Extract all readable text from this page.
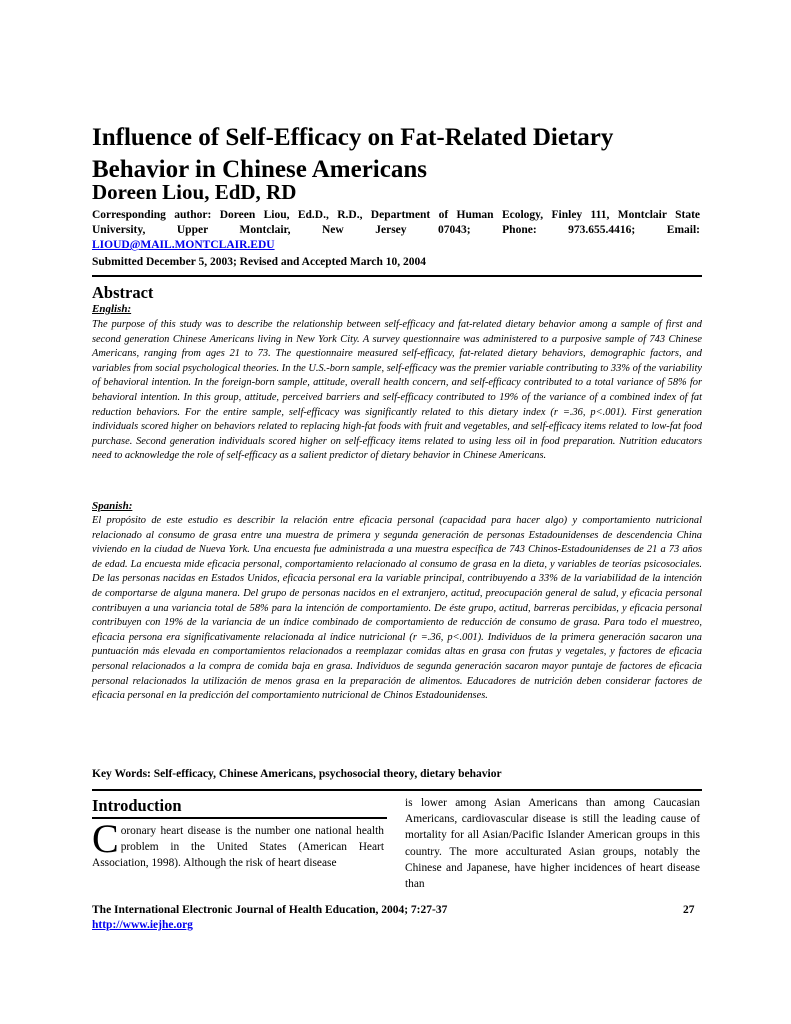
Influence of Self-Efficacy on Fat-Related Dietary Behavior in Chinese Americans
Doreen Liou, EdD, RD
Corresponding author: Doreen Liou, Ed.D., R.D., Department of Human Ecology, Finley 111, Montclair State
University, Upper Montclair, New Jersey 07043; Phone: 973.655.4416; Email:
LIOUD@MAIL.MONTCLAIR.EDU
Submitted December 5, 2003; Revised and Accepted March 10, 2004
Abstract
English:

The purpose of this study was to describe the relationship between self-efficacy and fat-related dietary behavior among a sample of first and second generation Chinese Americans living in New York City. A survey questionnaire was administered to a purposive sample of 743 Chinese Americans, ranging from ages 21 to 73. The questionnaire measured self-efficacy, fat-related dietary behaviors, demographic factors, and variables from social psychological theories. In the U.S.-born sample, self-efficacy was the premier variable contributing to 33% of the variability of behavioral intention. In the foreign-born sample, attitude, overall health concern, and self-efficacy contributed to a total variance of 58% for behavioral intention. In this group, attitude, perceived barriers and self-efficacy contributed to 19% of the variance of a combined index of fat reduction behaviors. For the entire sample, self-efficacy was significantly related to this dietary index (r =.36, p<.001). First generation individuals scored higher on behaviors related to replacing high-fat foods with fruit and vegetables, and self-efficacy items related to low-fat food purchase. Second generation individuals scored higher on self-efficacy items related to using less oil in food preparation. Nutrition educators need to acknowledge the role of self-efficacy as a salient predictor of dietary behavior in Chinese Americans.

Spanish:

El propósito de este estudio es describir la relación entre eficacia personal (capacidad para hacer algo) y comportamiento nutricional relacionado al consumo de grasa entre una muestra de primera y segunda generación de personas Estadounidenses de descendencia China viviendo en la ciudad de Nueva York. Una encuesta fue administrada a una muestra específica de 743 Chinos-Estadounidenses de 21 a 73 años de edad. La encuesta mide eficacia personal, comportamiento relacionado al consumo de grasa en la dieta, y variables de teorías psicosociales. De las personas nacidas en Estados Unidos, eficacia personal era la variable principal, contribuyendo a 33% de la variabilidad de la intención de comportarse de alguna manera. Del grupo de personas nacidos en el extranjero, actitud, preocupación general de salud, y eficacia personal contribuyen a una variancia total de 58% para la intención de comportamiento. De éste grupo, actitud, barreras percibidas, y eficacia personal contribuyen con 19% de la variancia de un índice combinado de comportamiento de reducción de consumo de grasa. Para todo el muestreo, eficacia persona era significativamente relacionada al índice nutricional (r =.36, p<.001). Individuos de la primera generación sacaron una puntuación más elevada en comportamientos relacionados a reemplazar comidas altas en grasa con frutas y vegetales, y factores de eficacia personal relacionados a la compra de comida baja en grasa. Individuos de segunda generación sacaron mayor puntaje de factores de eficacia personal relacionados la utilización de menos grasa en la preparación de alimentos. Educadores de nutrición deben considerar factores de eficacia personal en la predicción del comportamiento nutricional de Chinos Estadounidenses.

Key Words: Self-efficacy, Chinese Americans, psychosocial theory, dietary behavior
Introduction

Coronary heart disease is the number one national health problem in the United States (American Heart Association, 1998). Although the risk of heart disease

is lower among Asian Americans than among Caucasian Americans, cardiovascular disease is still the leading cause of mortality for all Asian/Pacific Islander American groups in this country. The more acculturated Asian groups, notably the Chinese and Japanese, have higher incidences of heart disease than

The International Electronic Journal of Health Education, 2004; 7:27-37	27
http://www.iejhe.org
